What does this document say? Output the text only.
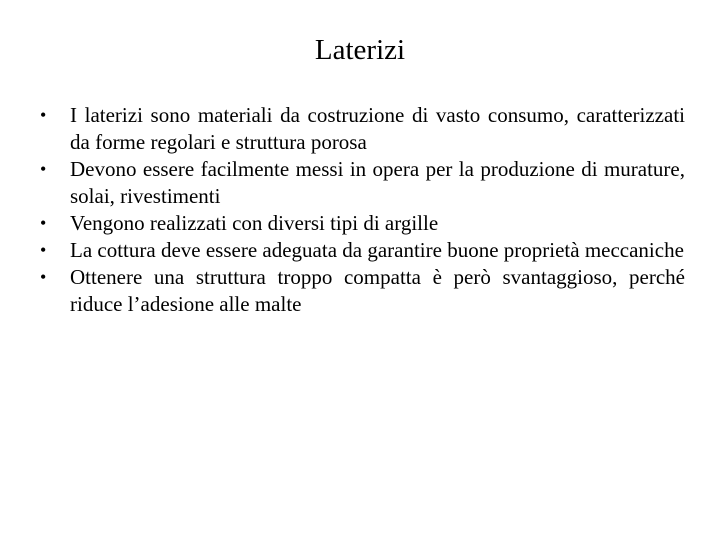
Laterizi
•	I laterizi sono materiali da costruzione di vasto consumo, caratterizzati da forme regolari e struttura porosa
•	Devono essere facilmente messi in opera per la produzione di murature, solai, rivestimenti
•	Vengono realizzati con diversi tipi di argille
•	La cottura deve essere adeguata da garantire buone proprietà meccaniche
•	Ottenere una struttura troppo compatta è però svantaggioso, perché riduce l’adesione alle malte
